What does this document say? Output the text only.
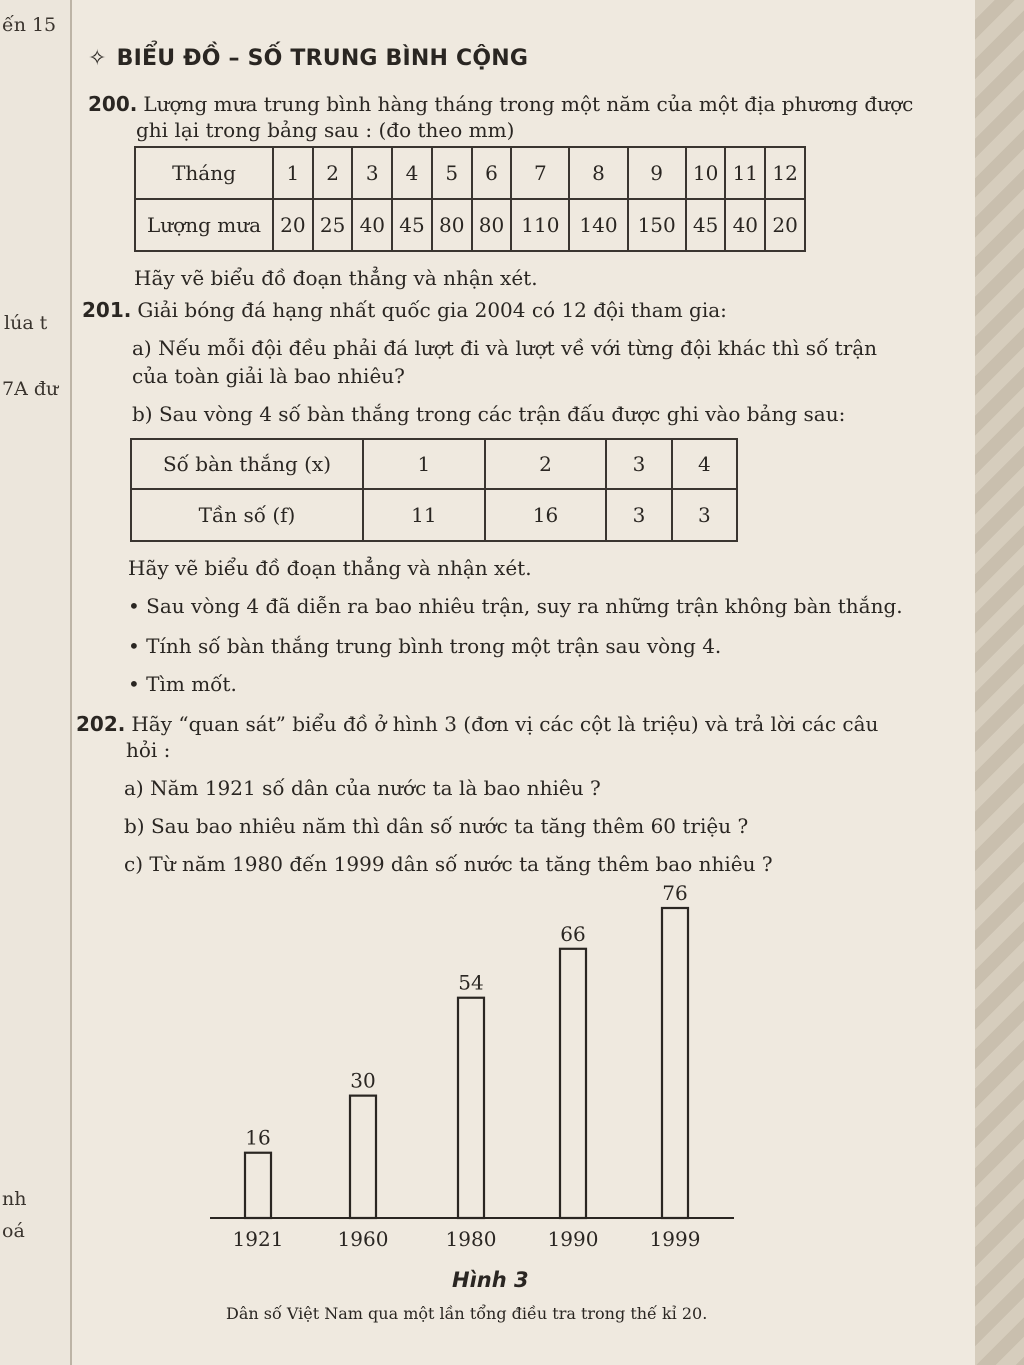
ến 15
lúa t
7A đư
nh
oá
✧ BIỂU ĐỒ – SỐ TRUNG BÌNH CỘNG
200. Lượng mưa trung bình hàng tháng trong một năm của một địa phương được
ghi lại trong bảng sau : (đo theo mm)
Tháng	1	2	3	4	5	6	7	8	9	10	11	12
Lượng mưa	20	25	40	45	80	80	110	140	150	45	40	20
Hãy vẽ biểu đồ đoạn thẳng và nhận xét.
201. Giải bóng đá hạng nhất quốc gia 2004 có 12 đội tham gia:
a) Nếu mỗi đội đều phải đá lượt đi và lượt về với từng đội khác thì số trận
của toàn giải là bao nhiêu?
b) Sau vòng 4 số bàn thắng trong các trận đấu được ghi vào bảng sau:
Số bàn thắng (x)	1	2	3	4
Tần số (f)	11	16	3	3
Hãy vẽ biểu đồ đoạn thẳng và nhận xét.
• Sau vòng 4 đã diễn ra bao nhiêu trận, suy ra những trận không bàn thắng.
• Tính số bàn thắng trung bình trong một trận sau vòng 4.
• Tìm mốt.
202. Hãy “quan sát” biểu đồ ở hình 3 (đơn vị các cột là triệu) và trả lời các câu
hỏi :
a) Năm 1921 số dân của nước ta là bao nhiêu ?
b) Sau bao nhiêu năm thì dân số nước ta tăng thêm 60 triệu ?
c) Từ năm 1980 đến 1999 dân số nước ta tăng thêm bao nhiêu ?
16
1921
30
1960
54
1980
66
1990
76
1999
Hình 3
Dân số Việt Nam qua một lần tổng điều tra trong thế kỉ 20.
